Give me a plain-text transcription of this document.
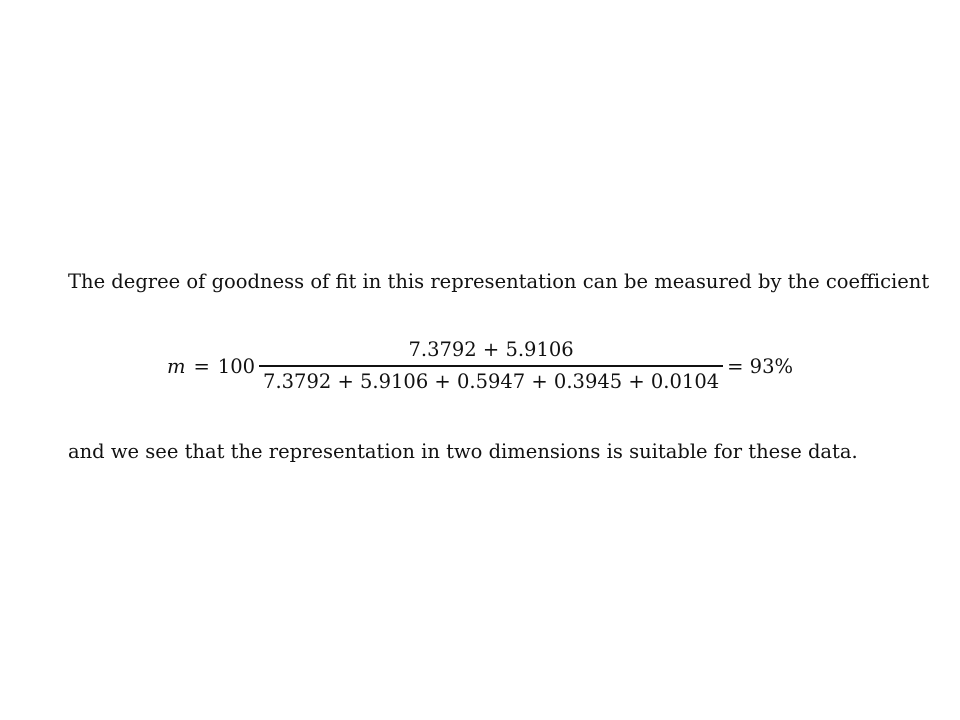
The degree of goodness of fit in this representation can be measured by the coefficient

$m = 100 \frac{7.3792 + 5.9106}{7.3792 + 5.9106 + 0.5947 + 0.3945 + 0.0104} = 93\%$

and we see that the representation in two dimensions is suitable for these data.
